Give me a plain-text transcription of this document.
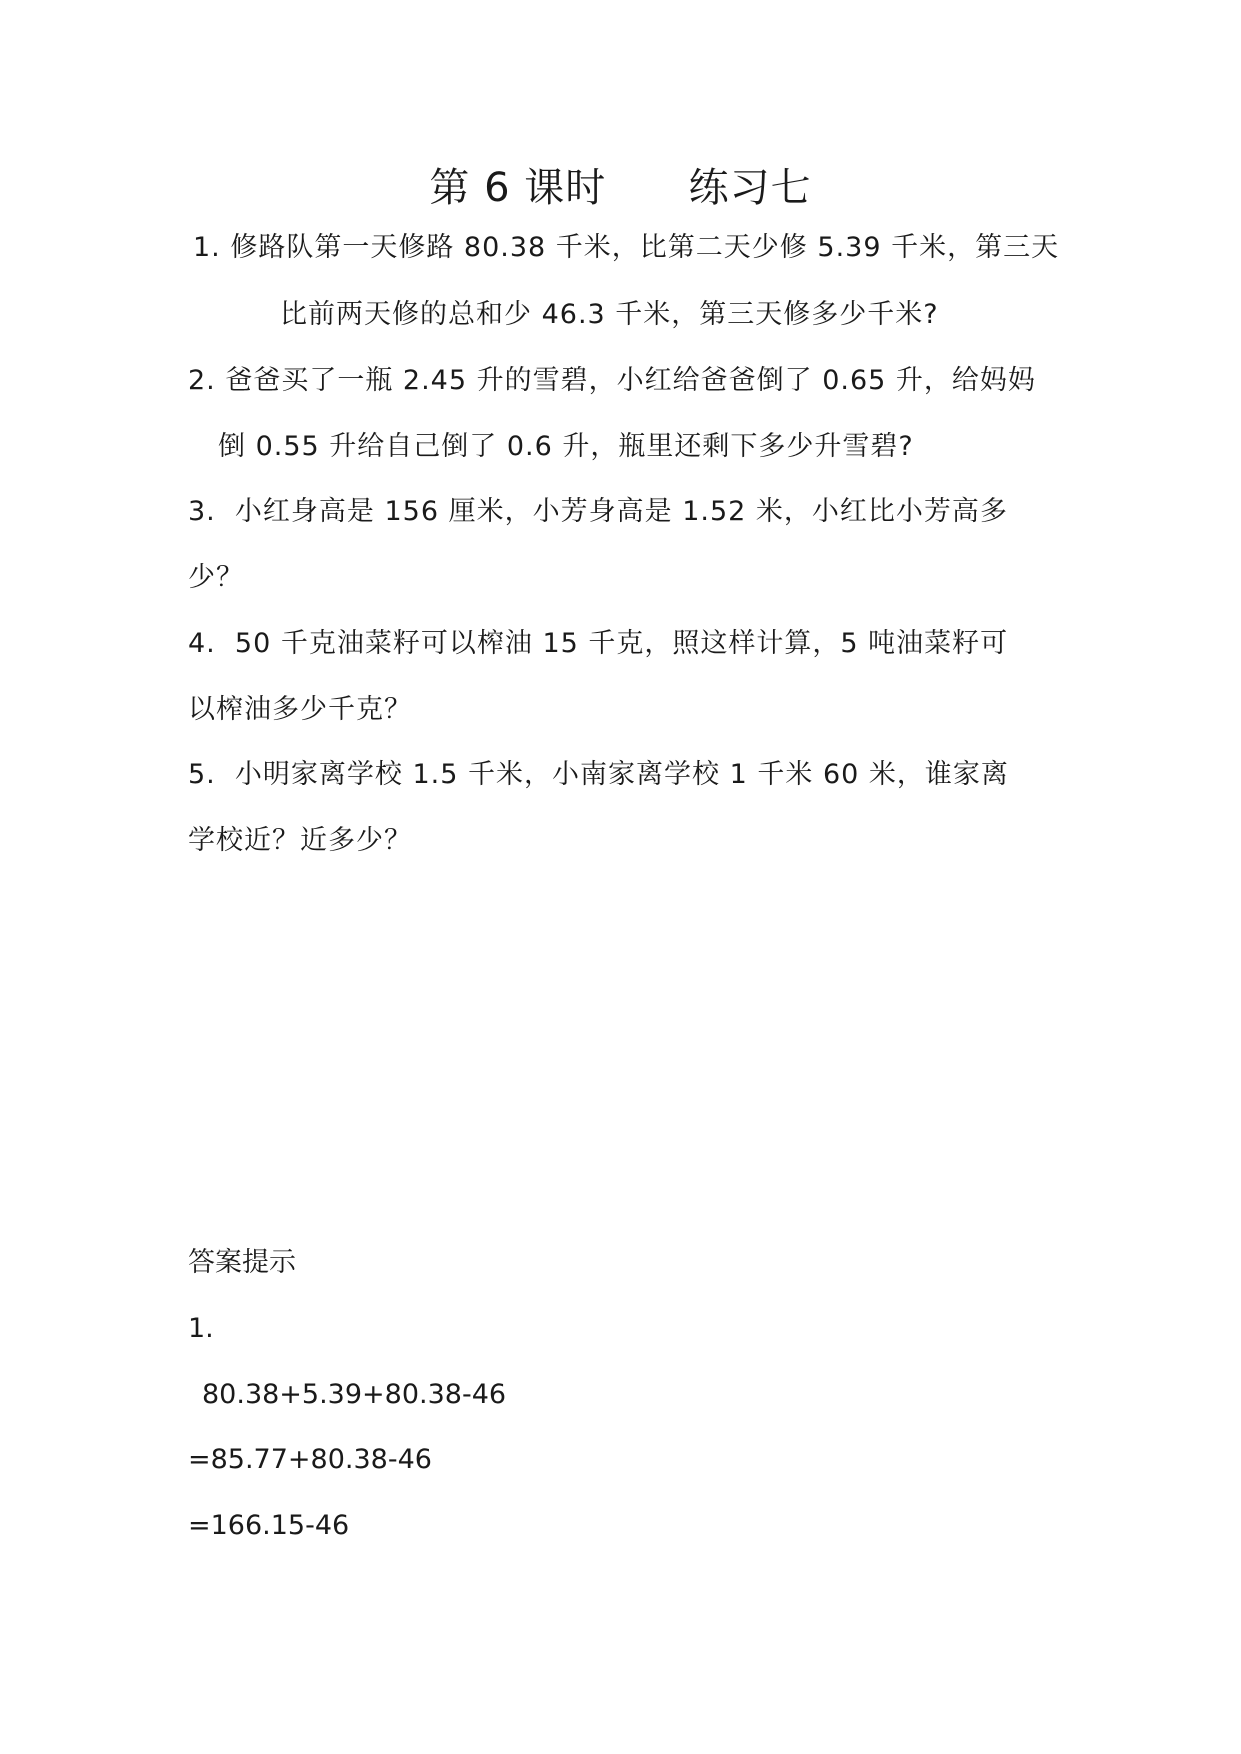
第 6 课时      练习七
1. 修路队第一天修路 80.38 千米，比第二天少修 5.39 千米，第三天
比前两天修的总和少 46.3 千米，第三天修多少千米?
2. 爸爸买了一瓶 2.45 升的雪碧，小红给爸爸倒了 0.65 升，给妈妈
倒 0.55 升给自己倒了 0.6 升，瓶里还剩下多少升雪碧?
3.  小红身高是 156 厘米，小芳身高是 1.52 米，小红比小芳高多
少？
4.  50 千克油菜籽可以榨油 15 千克，照这样计算，5 吨油菜籽可
以榨油多少千克？
5.  小明家离学校 1.5 千米，小南家离学校 1 千米 60 米，谁家离
学校近？近多少？
答案提示
1.
80.38+5.39+80.38-46
=85.77+80.38-46
=166.15-46
